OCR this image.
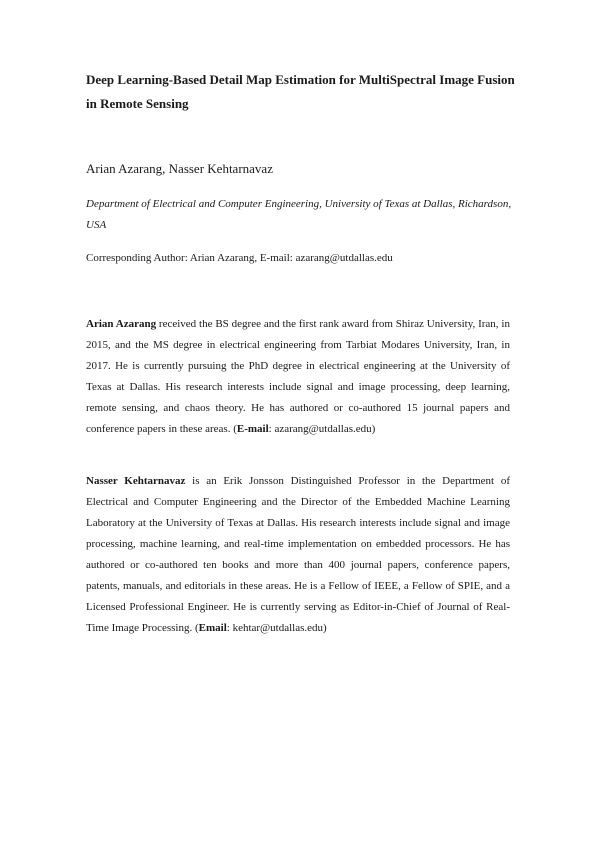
Deep Learning-Based Detail Map Estimation for MultiSpectral Image Fusion in Remote Sensing

Arian Azarang, Nasser Kehtarnavaz

Department of Electrical and Computer Engineering, University of Texas at Dallas, Richardson, USA

Corresponding Author: Arian Azarang, E-mail: azarang@utdallas.edu

Arian Azarang received the BS degree and the first rank award from Shiraz University, Iran, in 2015, and the MS degree in electrical engineering from Tarbiat Modares University, Iran, in 2017. He is currently pursuing the PhD degree in electrical engineering at the University of Texas at Dallas. His research interests include signal and image processing, deep learning, remote sensing, and chaos theory. He has authored or co-authored 15 journal papers and conference papers in these areas. (E-mail: azarang@utdallas.edu)

Nasser Kehtarnavaz is an Erik Jonsson Distinguished Professor in the Department of Electrical and Computer Engineering and the Director of the Embedded Machine Learning Laboratory at the University of Texas at Dallas. His research interests include signal and image processing, machine learning, and real-time implementation on embedded processors. He has authored or co-authored ten books and more than 400 journal papers, conference papers, patents, manuals, and editorials in these areas. He is a Fellow of IEEE, a Fellow of SPIE, and a Licensed Professional Engineer. He is currently serving as Editor-in-Chief of Journal of Real-Time Image Processing. (Email: kehtar@utdallas.edu)
